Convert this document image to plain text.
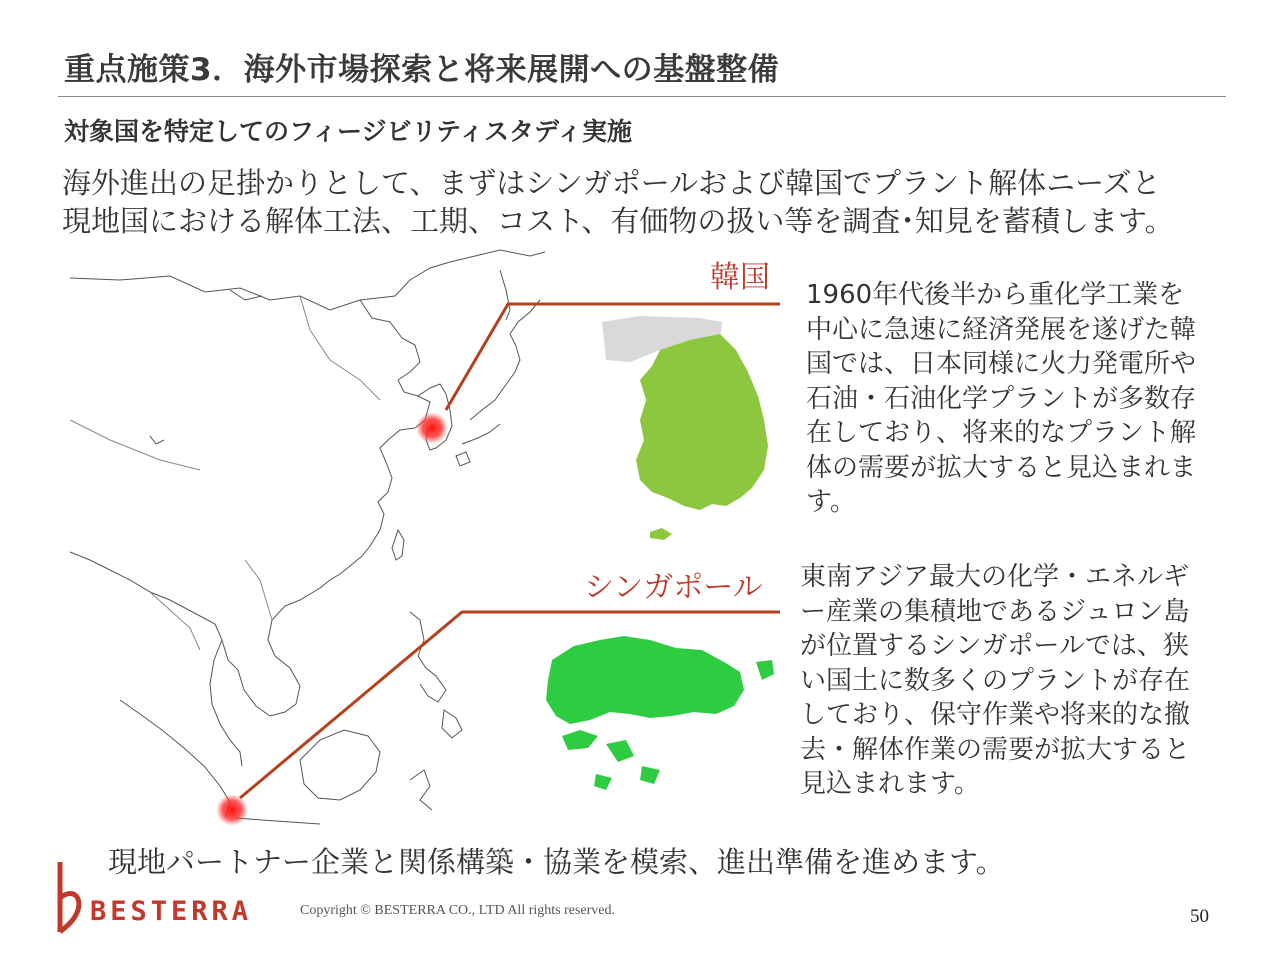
重点施策3．海外市場探索と将来展開への基盤整備
対象国を特定してのフィージビリティスタディ実施
海外進出の足掛かりとして、まずはシンガポールおよび韓国でプラント解体ニーズと
現地国における解体工法、工期、コスト、有価物の扱い等を調査･知見を蓄積します。
韓国 1960年代後半から重化学工業を
中心に急速に経済発展を遂げた韓
国では、日本同様に火力発電所や
石油・石油化学プラントが多数存
在しており、将来的なプラント解
体の需要が拡大すると見込まれま
す。
シンガポール 東南アジア最大の化学・エネルギ
ー産業の集積地であるジュロン島
が位置するシンガポールでは、狭
い国土に数多くのプラントが存在
しており、保守作業や将来的な撤
去・解体作業の需要が拡大すると
見込まれます。
現地パートナー企業と関係構築・協業を模索、進出準備を進めます。
BESTERRA	Copyright © BESTERRA CO., LTD All rights reserved.	50
